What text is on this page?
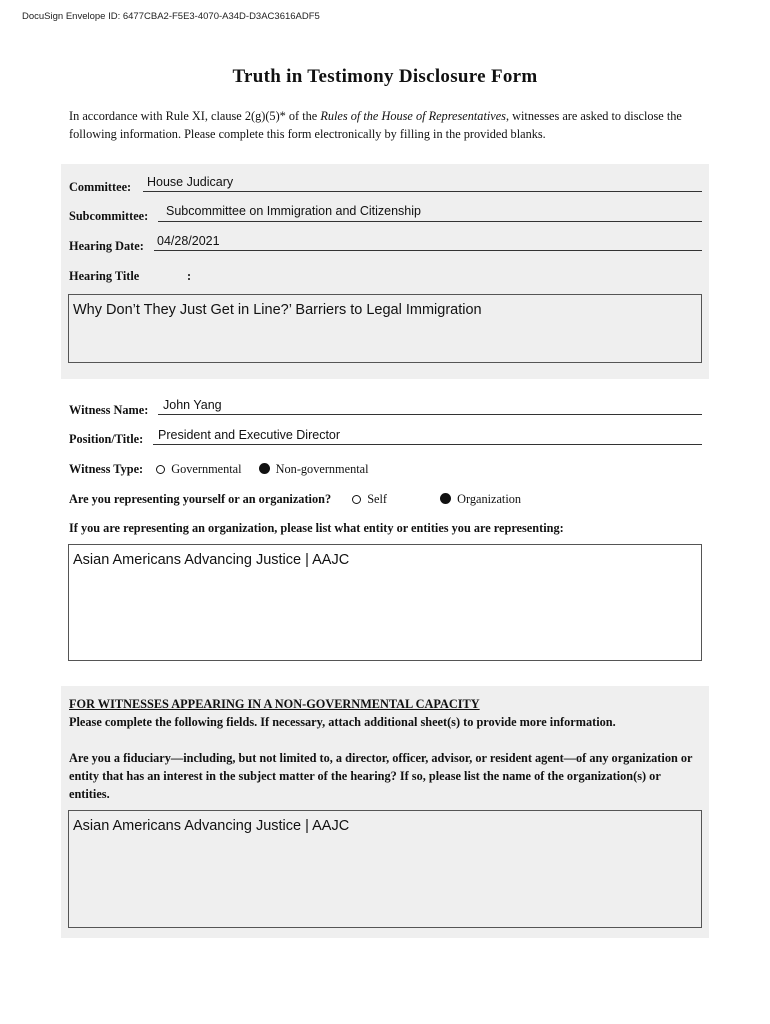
DocuSign Envelope ID: 6477CBA2-F5E3-4070-A34D-D3AC3616ADF5
Truth in Testimony Disclosure Form
In accordance with Rule XI, clause 2(g)(5)* of the Rules of the House of Representatives, witnesses are asked to disclose the following information. Please complete this form electronically by filling in the provided blanks.
Committee: House Judicary
Subcommittee: Subcommittee on Immigration and Citizenship
Hearing Date: 04/28/2021
Hearing Title	:
Why Don’t They Just Get in Line?’ Barriers to Legal Immigration
Witness Name: John Yang
Position/Title: President and Executive Director
Witness Type: Governmental	Non-governmental
Are you representing yourself or an organization?	Self	Organization
If you are representing an organization, please list what entity or entities you are representing:
Asian Americans Advancing Justice | AAJC
FOR WITNESSES APPEARING IN A NON-GOVERNMENTAL CAPACITY
Please complete the following fields. If necessary, attach additional sheet(s) to provide more information.
Are you a fiduciary—including, but not limited to, a director, officer, advisor, or resident agent—of any organization or entity that has an interest in the subject matter of the hearing? If so, please list the name of the organization(s) or entities.
Asian Americans Advancing Justice | AAJC
